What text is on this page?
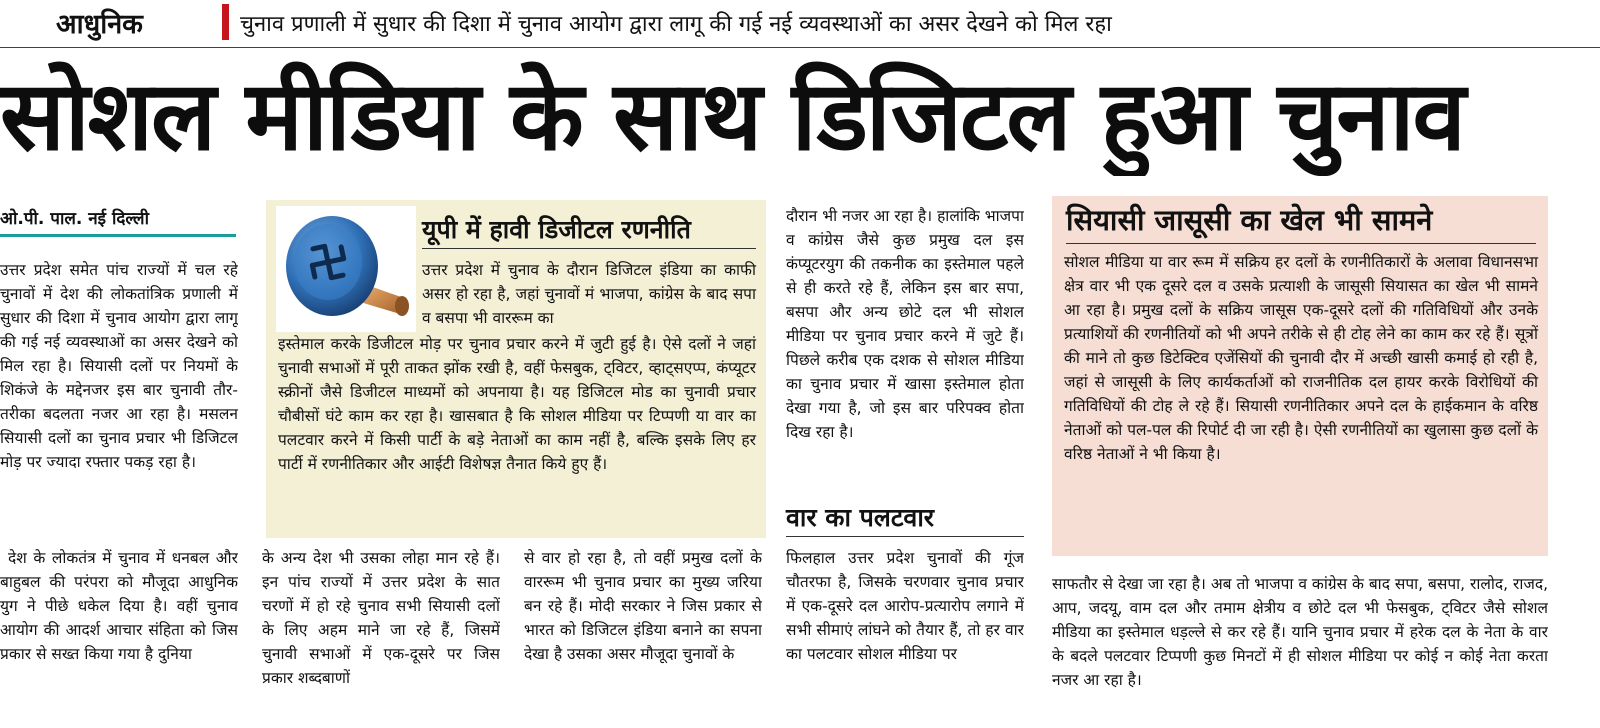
आधुनिक	चुनाव प्रणाली में सुधार की दिशा में चुनाव आयोग द्वारा लागू की गई नई व्यवस्थाओं का असर देखने को मिल रहा
सोशल मीडिया के साथ डिजिटल हुआ चुनाव
ओ.पी. पाल. नई दिल्ली
उत्तर प्रदेश समेत पांच राज्यों में चल रहे चुनावों में देश की लोकतांत्रिक प्रणाली में सुधार की दिशा में चुनाव आयोग द्वारा लागू की गई नई व्यवस्थाओं का असर देखने को मिल रहा है। सियासी दलों पर नियमों के शिकंजे के मद्देनजर इस बार चुनावी तौर-तरीका बदलता नजर आ रहा है। मसलन सियासी दलों का चुनाव प्रचार भी डिजिटल मोड़ पर ज्यादा रफ्तार पकड़ रहा है।
देश के लोकतंत्र में चुनाव में धनबल और बाहुबल की परंपरा को मौजूदा आधुनिक युग ने पीछे धकेल दिया है। वहीं चुनाव आयोग की आदर्श आचार संहिता को जिस प्रकार से सख्त किया गया है दुनिया
यूपी में हावी डिजीटल रणनीति
उत्तर प्रदेश में चुनाव के दौरान डिजिटल इंडिया का काफी असर हो रहा है, जहां चुनावों मं भाजपा, कांग्रेस के बाद सपा व बसपा भी वाररूम का
इस्तेमाल करके डिजीटल मोड़ पर चुनाव प्रचार करने में जुटी हुई है। ऐसे दलों ने जहां चुनावी सभाओं में पूरी ताकत झोंक रखी है, वहीं फेसबुक, ट्विटर, व्हाट्सएप्प, कंप्यूटर स्क्रीनों जैसे डिजीटल माध्यमों को अपनाया है। यह डिजिटल मोड का चुनावी प्रचार चौबीसों घंटे काम कर रहा है। खासबात है कि सोशल मीडिया पर टिप्पणी या वार का पलटवार करने में किसी पार्टी के बड़े नेताओं का काम नहीं है, बल्कि इसके लिए हर पार्टी में रणनीतिकार और आईटी विशेषज्ञ तैनात किये हुए हैं।
के अन्य देश भी उसका लोहा मान रहे हैं। इन पांच राज्यों में उत्तर प्रदेश के सात चरणों में हो रहे चुनाव सभी सियासी दलों के लिए अहम माने जा रहे हैं, जिसमें चुनावी सभाओं में एक-दूसरे पर जिस प्रकार शब्दबाणों
से वार हो रहा है, तो वहीं प्रमुख दलों के वाररूम भी चुनाव प्रचार का मुख्य जरिया बन रहे हैं। मोदी सरकार ने जिस प्रकार से भारत को डिजिटल इंडिया बनाने का सपना देखा है उसका असर मौजूदा चुनावों के
दौरान भी नजर आ रहा है। हालांकि भाजपा व कांग्रेस जैसे कुछ प्रमुख दल इस कंप्यूटरयुग की तकनीक का इस्तेमाल पहले से ही करते रहे हैं, लेकिन इस बार सपा, बसपा और अन्य छोटे दल भी सोशल मीडिया पर चुनाव प्रचार करने में जुटे हैं। पिछले करीब एक दशक से सोशल मीडिया का चुनाव प्रचार में खासा इस्तेमाल होता देखा गया है, जो इस बार परिपक्व होता दिख रहा है।
वार का पलटवार
फिलहाल उत्तर प्रदेश चुनावों की गूंज चौतरफा है, जिसके चरणवार चुनाव प्रचार में एक-दूसरे दल आरोप-प्रत्यारोप लगाने में सभी सीमाएं लांघने को तैयार हैं, तो हर वार का पलटवार सोशल मीडिया पर
सियासी जासूसी का खेल भी सामने
सोशल मीडिया या वार रूम में सक्रिय हर दलों के रणनीतिकारों के अलावा विधानसभा क्षेत्र वार भी एक दूसरे दल व उसके प्रत्याशी के जासूसी सियासत का खेल भी सामने आ रहा है। प्रमुख दलों के सक्रिय जासूस एक-दूसरे दलों की गतिविधियों और उनके प्रत्याशियों की रणनीतियों को भी अपने तरीके से ही टोह लेने का काम कर रहे हैं। सूत्रों की माने तो कुछ डिटेक्टिव एजेंसियों की चुनावी दौर में अच्छी खासी कमाई हो रही है, जहां से जासूसी के लिए कार्यकर्ताओं को राजनीतिक दल हायर करके विरोधियों की गतिविधियों की टोह ले रहे हैं। सियासी रणनीतिकार अपने दल के हाईकमान के वरिष्ठ नेताओं को पल-पल की रिपोर्ट दी जा रही है। ऐसी रणनीतियों का खुलासा कुछ दलों के वरिष्ठ नेताओं ने भी किया है।
साफतौर से देखा जा रहा है। अब तो भाजपा व कांग्रेस के बाद सपा, बसपा, रालोद, राजद, आप, जदयू, वाम दल और तमाम क्षेत्रीय व छोटे दल भी फेसबुक, ट्विटर जैसे सोशल मीडिया का इस्तेमाल धड़ल्ले से कर रहे हैं। यानि चुनाव प्रचार में हरेक दल के नेता के वार के बदले पलटवार टिप्पणी कुछ मिनटों में ही सोशल मीडिया पर कोई न कोई नेता करता नजर आ रहा है।
